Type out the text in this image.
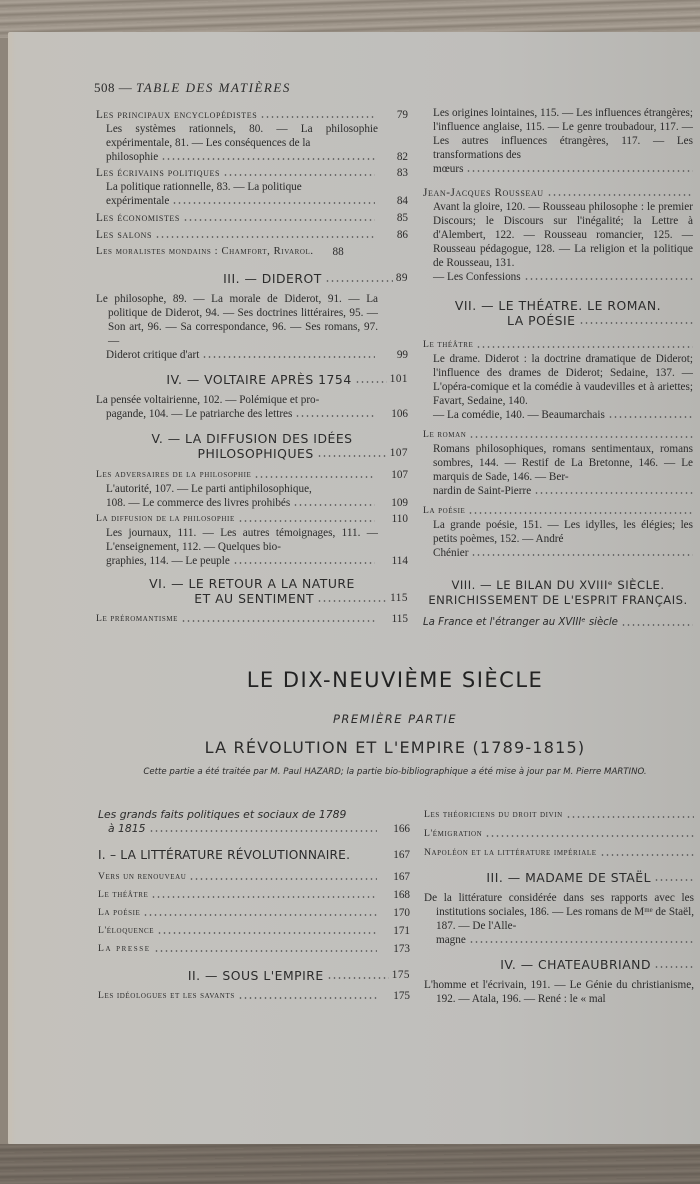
508 — TABLE DES MATIÈRES
Les principaux encyclopédistes	79
Les systèmes rationnels, 80. — La philosophie expérimentale, 81. — Les conséquences de la
philosophie	82
Les écrivains politiques	83
La politique rationnelle, 83. — La politique
expérimentale	84
Les économistes	85
Les salons	86
Les moralistes mondains : Chamfort, Rivarol.	88
III. — DIDEROT	89
Le philosophe, 89. — La morale de Diderot, 91. — La politique de Diderot, 94. — Ses doctrines littéraires, 95. — Son art, 96. — Sa correspondance, 96. — Ses romans, 97. —
Diderot critique d'art	99
IV. — VOLTAIRE APRÈS 1754	101
La pensée voltairienne, 102. — Polémique et pro-
pagande, 104. — Le patriarche des lettres	106
V. — LA DIFFUSION DES IDÉES
PHILOSOPHIQUES	107
Les adversaires de la philosophie	107
L'autorité, 107. — Le parti antiphilosophique,
108. — Le commerce des livres prohibés	109
La diffusion de la philosophie	110
Les journaux, 111. — Les autres témoignages, 111. — L'enseignement, 112. — Quelques bio-
graphies, 114. — Le peuple	114
VI. — LE RETOUR A LA NATURE
ET AU SENTIMENT	115
Le préromantisme	115
Les origines lointaines, 115. — Les influences étrangères; l'influence anglaise, 115. — Le genre troubadour, 117. — Les autres influences étrangères, 117. — Les transformations des
mœurs
Jean-Jacques Rousseau
Avant la gloire, 120. — Rousseau philosophe : le premier Discours; le Discours sur l'inégalité; la Lettre à d'Alembert, 122. — Rousseau romancier, 125. — Rousseau pédagogue, 128. — La religion et la politique de Rousseau, 131.
— Les Confessions
VII. — LE THÉATRE. LE ROMAN.
LA POÉSIE
Le théâtre
Le drame. Diderot : la doctrine dramatique de Diderot; l'influence des drames de Diderot; Sedaine, 137. — L'opéra-comique et la comédie à vaudevilles et à ariettes; Favart, Sedaine, 140.
— La comédie, 140. — Beaumarchais
Le roman
Romans philosophiques, romans sentimentaux, romans sombres, 144. — Restif de La Bretonne, 146. — Le marquis de Sade, 146. — Ber-
nardin de Saint-Pierre
La poésie
La grande poésie, 151. — Les idylles, les élégies; les petits poèmes, 152. — André
Chénier
VIII. — LE BILAN DU XVIIIᵉ SIÈCLE.
ENRICHISSEMENT DE L'ESPRIT FRANÇAIS.
La France et l'étranger au XVIIIᵉ siècle
LE DIX-NEUVIÈME SIÈCLE
PREMIÈRE PARTIE
LA RÉVOLUTION ET L'EMPIRE (1789-1815)
Cette partie a été traitée par M. Paul HAZARD; la partie bio-bibliographique a été mise à jour par M. Pierre MARTINO.
Les grands faits politiques et sociaux de 1789
à 1815	166
I. – LA LITTÉRATURE RÉVOLUTIONNAIRE.	167
Vers un renouveau	167
Le théâtre	168
La poésie	170
L'éloquence	171
La presse	173
II. — SOUS L'EMPIRE	175
Les idéologues et les savants	175
Les théoriciens du droit divin
L'émigration
Napoléon et la littérature impériale
III. — MADAME DE STAËL
De la littérature considérée dans ses rapports avec les institutions sociales, 186. — Les romans de Mᵐᵉ de Staël, 187. — De l'Alle-
magne
IV. — CHATEAUBRIAND
L'homme et l'écrivain, 191. — Le Génie du christianisme, 192. — Atala, 196. — René : le « mal
